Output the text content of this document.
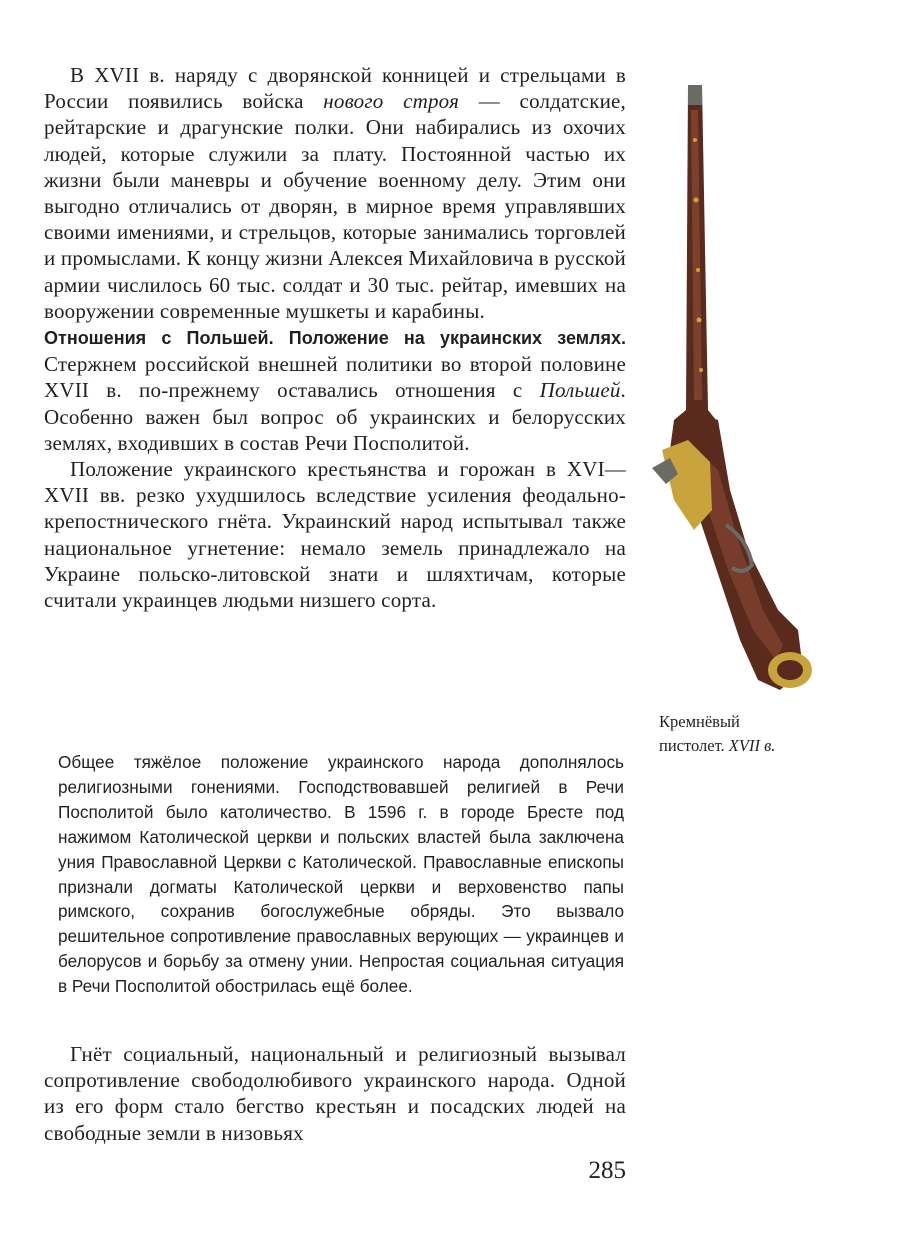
В XVII в. наряду с дворянской конницей и стрельцами в России появились войска нового строя — солдатские, рейтарские и драгунские полки. Они набирались из охочих людей, которые служили за плату. Постоянной частью их жизни были маневры и обучение военному делу. Этим они выгодно отличались от дворян, в мирное время управлявших своими имениями, и стрельцов, которые занимались торговлей и промыслами. К концу жизни Алексея Михайловича в русской армии числилось 60 тыс. солдат и 30 тыс. рейтар, имевших на вооружении современные мушкеты и карабины.

Отношения с Польшей. Положение на украинских землях. Стержнем российской внешней политики во второй половине XVII в. по-прежнему оставались отношения с Польшей. Особенно важен был вопрос об украинских и белорусских землях, входивших в состав Речи Посполитой.

Положение украинского крестьянства и горожан в XVI—XVII вв. резко ухудшилось вследствие усиления феодально-крепостнического гнёта. Украинский народ испытывал также национальное угнетение: немало земель принадлежало на Украине польско-литовской знати и шляхтичам, которые считали украинцев людьми низшего сорта.

Общее тяжёлое положение украинского народа дополнялось религиозными гонениями. Господствовавшей религией в Речи Посполитой было католичество. В 1596 г. в городе Бресте под нажимом Католической церкви и польских властей была заключена уния Православной Церкви с Католической. Православные епископы признали догматы Католической церкви и верховенство папы римского, сохранив богослужебные обряды. Это вызвало решительное сопротивление православных верующих — украинцев и белорусов и борьбу за отмену унии. Непростая социальная ситуация в Речи Посполитой обострилась ещё более.

Гнёт социальный, национальный и религиозный вызывал сопротивление свободолюбивого украинского народа. Одной из его форм стало бегство крестьян и посадских людей на свободные земли в низовьях

Кремнёвый

пистолет. XVII в.

285
